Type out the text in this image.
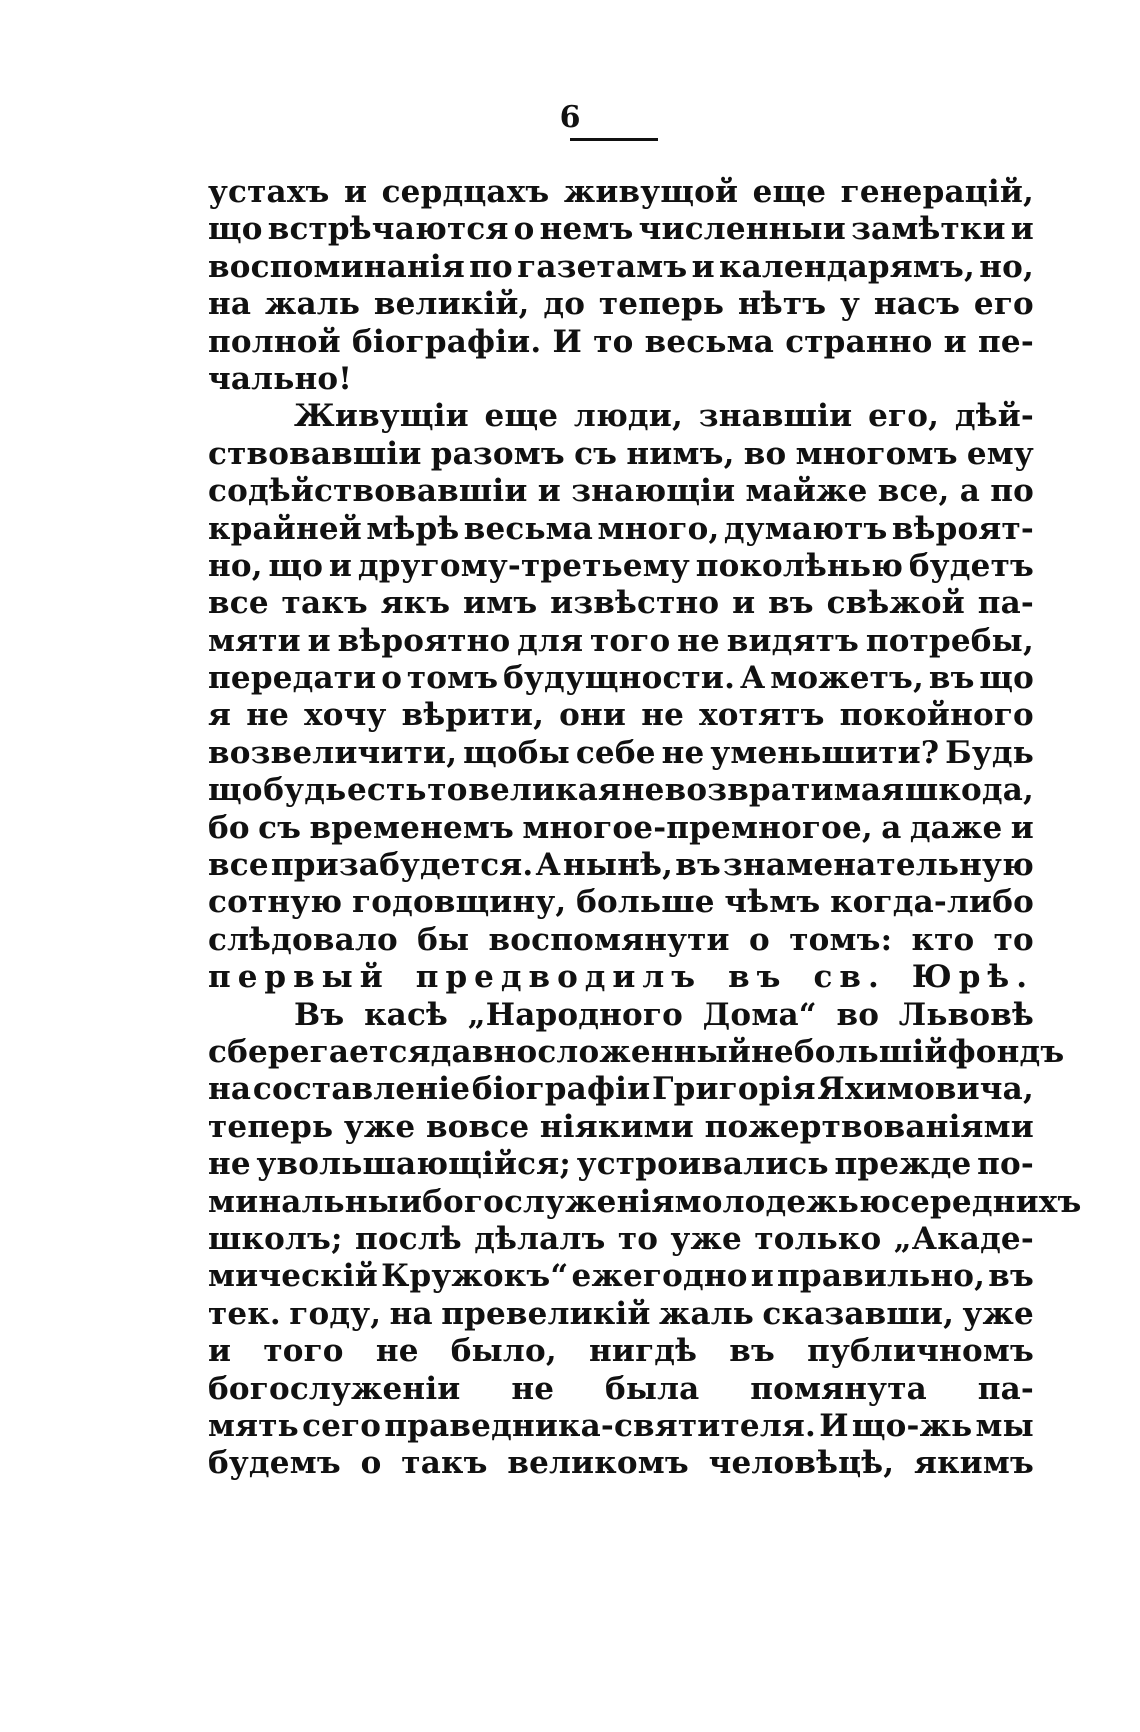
6
устахъ и сердцахъ живущой еще генерацій,
що встрѣчаются о немъ численныи замѣтки и
воспоминанія по газетамъ и календарямъ, но,
на жаль великій, до теперь нѣтъ у насъ его
полной біографіи. И то весьма странно и пе-
чально!
Живущіи еще люди, знавшіи его, дѣй-
ствовавшіи разомъ съ нимъ, во многомъ ему
содѣйствовавшіи и знающіи майже все, а по
крайней мѣрѣ весьма много, думаютъ вѣроят-
но, що и другому-третьему поколѣнью будетъ
все такъ якъ имъ извѣстно и въ свѣжой па-
мяти и вѣроятно для того не видятъ потребы,
передати о томъ будущности. А можетъ, въ що
я не хочу вѣрити, они не хотятъ покойного
возвеличити, щобы себе не уменьшити? Будь
що будь есть то великая невозвратимая шкода,
бо съ временемъ многое-премногое, а даже и
все призабудется. А нынѣ, въ знаменательную
сотную годовщину, больше чѣмъ когда-либо
слѣдовало бы воспомянути о томъ: кто то
первый предводилъ въ св. Юрѣ.
Въ касѣ „Народного Дома“ во Львовѣ
сберегается давно сложенный небольшій фондъ
на составленіе біографіи Григорія Яхимовича,
теперь уже вовсе ніякими пожертвованіями
не увольшающійся; устроивались прежде по-
минальныи богослуженія молодежью середнихъ
школъ; послѣ дѣлалъ то уже только „Акаде-
мическій Кружокъ“ ежегодно и правильно, въ
тек. году, на превеликій жаль сказавши, уже
и того не было, нигдѣ въ публичномъ
богослуженіи не была помянута па-
мять сего праведника-святителя. И що-жь мы
будемъ о такъ великомъ человѣцѣ, якимъ
